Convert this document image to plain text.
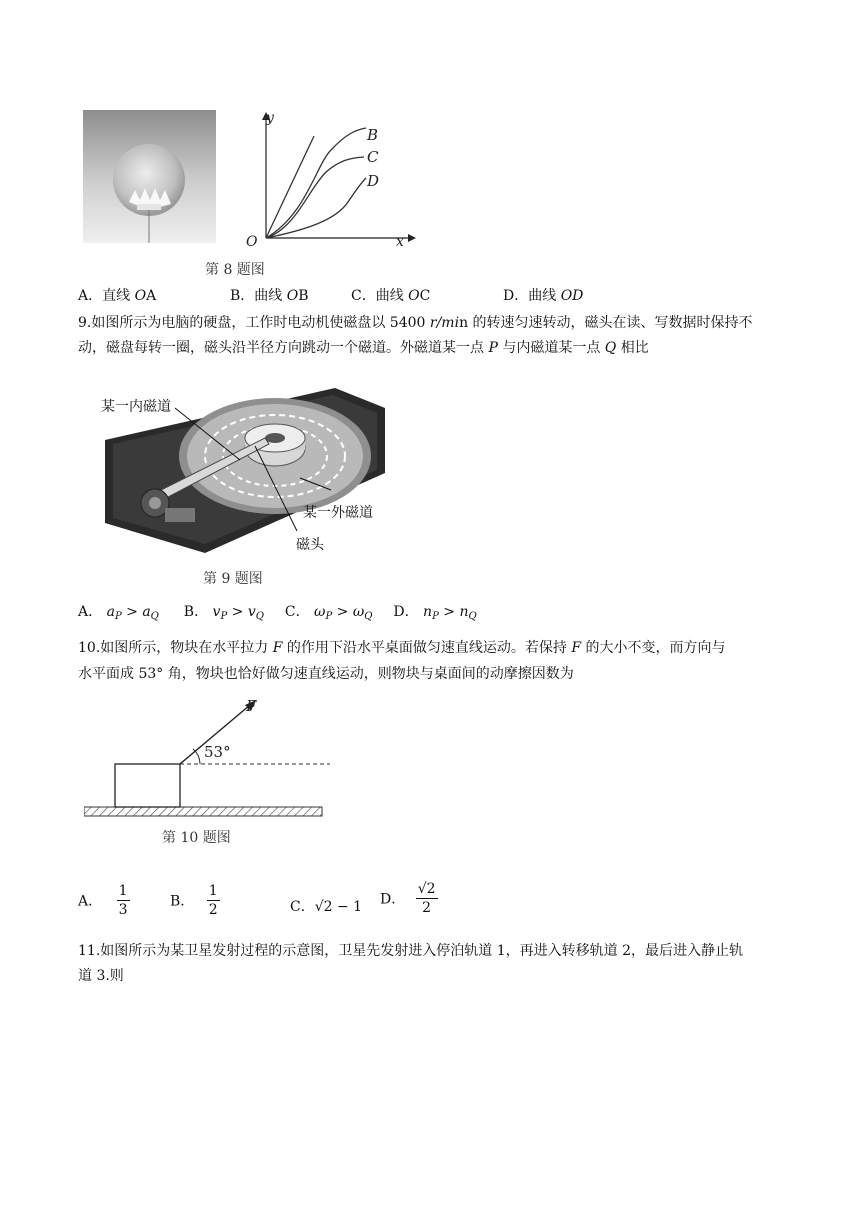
y
x
O
B
C
D
第 8 题图
A．直线 OA	B．曲线 OB	C．曲线 OC	D．曲线 OD
9.如图所示为电脑的硬盘，工作时电动机使磁盘以 5400 r/min 的转速匀速转动，磁头在读、写数据时保持不
动，磁盘每转一圈，磁头沿半径方向跳动一个磁道。外磁道某一点 P 与内磁道某一点 Q 相比
某一内磁道
某一外磁道
磁头
第 9 题图
A． $a_P > a_Q$ B． $v_P > v_Q$ C． $\omega_P > \omega_Q$ D． $n_P > n_Q$
10.如图所示，物块在水平拉力 F 的作用下沿水平桌面做匀速直线运动。若保持 F 的大小不变，而方向与
水平面成 53° 角，物块也恰好做匀速直线运动，则物块与桌面间的动摩擦因数为
53°
F
第 10 题图
A． $\frac{1}{3}$	B． $\frac{1}{2}$	C．√2 − 1 D． $\frac{√2}{2}$
11.如图所示为某卫星发射过程的示意图，卫星先发射进入停泊轨道 1，再进入转移轨道 2，最后进入静止轨
道 3.则
